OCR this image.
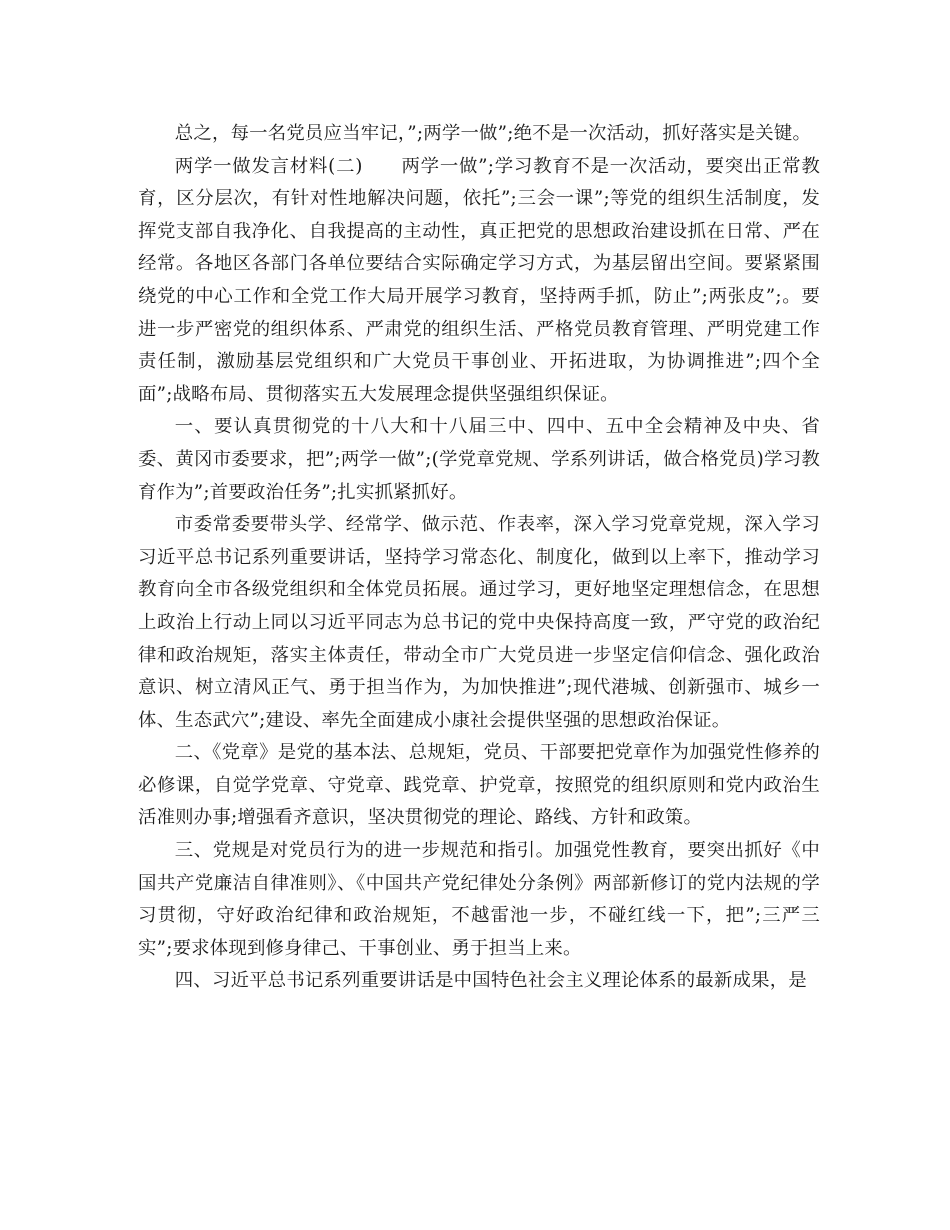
总之，每一名党员应当牢记，”;两学一做”;绝不是一次活动，抓好落实是关键。

两学一做发言材料(二)　　两学一做”;学习教育不是一次活动，要突出正常教育，区分层次，有针对性地解决问题，依托”;三会一课”;等党的组织生活制度，发挥党支部自我净化、自我提高的主动性，真正把党的思想政治建设抓在日常、严在经常。各地区各部门各单位要结合实际确定学习方式，为基层留出空间。要紧紧围绕党的中心工作和全党工作大局开展学习教育，坚持两手抓，防止”;两张皮”;。要进一步严密党的组织体系、严肃党的组织生活、严格党员教育管理、严明党建工作责任制，激励基层党组织和广大党员干事创业、开拓进取，为协调推进”;四个全面”;战略布局、贯彻落实五大发展理念提供坚强组织保证。

一、要认真贯彻党的十八大和十八届三中、四中、五中全会精神及中央、省委、黄冈市委要求，把”;两学一做”;(学党章党规、学系列讲话，做合格党员)学习教育作为”;首要政治任务”;扎实抓紧抓好。

市委常委要带头学、经常学、做示范、作表率，深入学习党章党规，深入学习习近平总书记系列重要讲话，坚持学习常态化、制度化，做到以上率下，推动学习教育向全市各级党组织和全体党员拓展。通过学习，更好地坚定理想信念，在思想上政治上行动上同以习近平同志为总书记的党中央保持高度一致，严守党的政治纪律和政治规矩，落实主体责任，带动全市广大党员进一步坚定信仰信念、强化政治意识、树立清风正气、勇于担当作为，为加快推进”;现代港城、创新强市、城乡一体、生态武穴”;建设、率先全面建成小康社会提供坚强的思想政治保证。

二、《党章》是党的基本法、总规矩，党员、干部要把党章作为加强党性修养的必修课，自觉学党章、守党章、践党章、护党章，按照党的组织原则和党内政治生活准则办事;增强看齐意识，坚决贯彻党的理论、路线、方针和政策。

三、党规是对党员行为的进一步规范和指引。加强党性教育，要突出抓好《中国共产党廉洁自律准则》、《中国共产党纪律处分条例》两部新修订的党内法规的学习贯彻，守好政治纪律和政治规矩，不越雷池一步，不碰红线一下，把”;三严三实”;要求体现到修身律己、干事创业、勇于担当上来。

四、习近平总书记系列重要讲话是中国特色社会主义理论体系的最新成果，是
